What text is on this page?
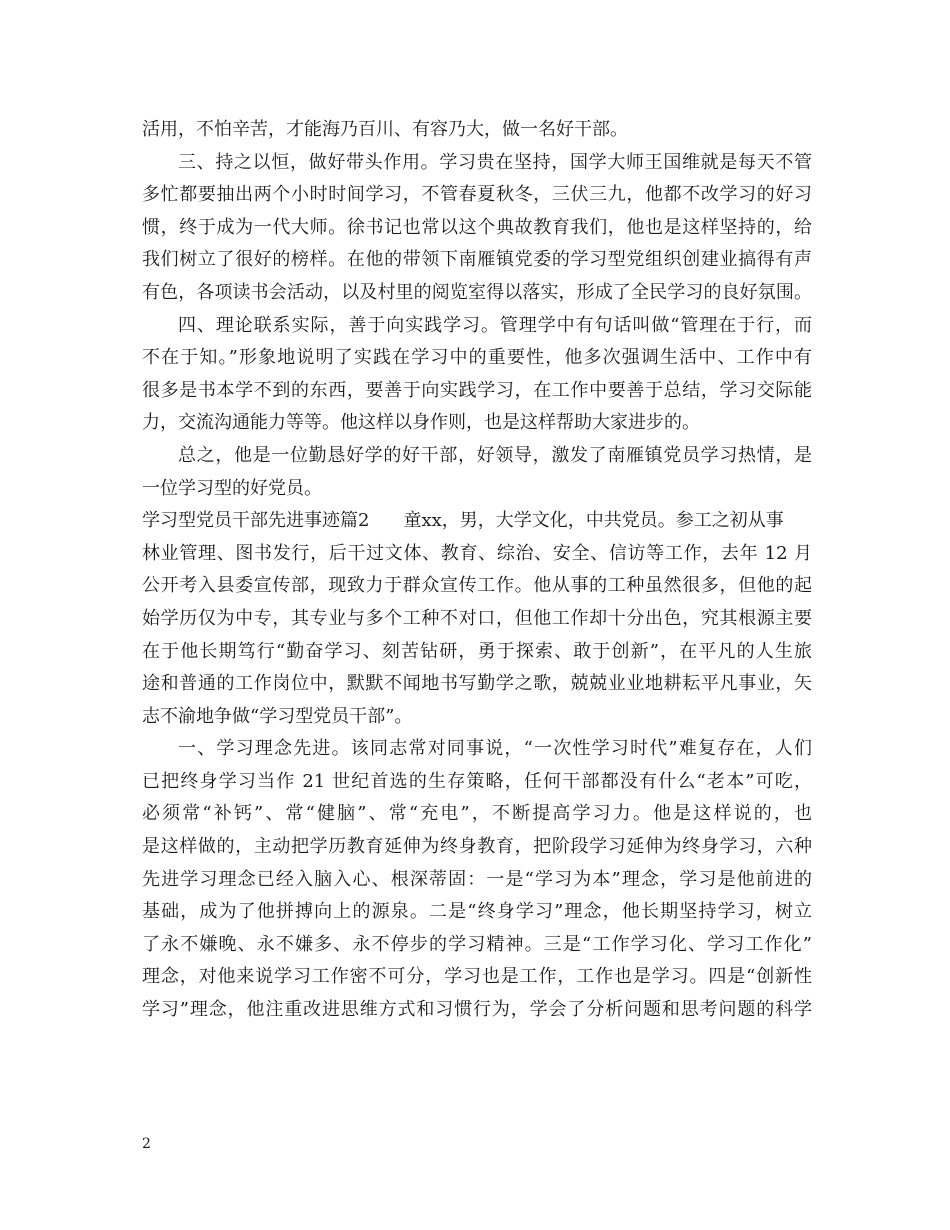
活用，不怕辛苦，才能海乃百川、有容乃大，做一名好干部。
三、持之以恒，做好带头作用。学习贵在坚持，国学大师王国维就是每天不管
多忙都要抽出两个小时时间学习，不管春夏秋冬，三伏三九，他都不改学习的好习
惯，终于成为一代大师。徐书记也常以这个典故教育我们，他也是这样坚持的，给
我们树立了很好的榜样。在他的带领下南雁镇党委的学习型党组织创建业搞得有声
有色，各项读书会活动，以及村里的阅览室得以落实，形成了全民学习的良好氛围。
四、理论联系实际，善于向实践学习。管理学中有句话叫做“管理在于行，而
不在于知。”形象地说明了实践在学习中的重要性，他多次强调生活中、工作中有
很多是书本学不到的东西，要善于向实践学习，在工作中要善于总结，学习交际能
力，交流沟通能力等等。他这样以身作则，也是这样帮助大家进步的。
总之，他是一位勤恳好学的好干部，好领导，激发了南雁镇党员学习热情，是
一位学习型的好党员。
学习型党员干部先进事迹篇2 童xx，男，大学文化，中共党员。参工之初从事
林业管理、图书发行，后干过文体、教育、综治、安全、信访等工作，去年 12 月
公开考入县委宣传部，现致力于群众宣传工作。他从事的工种虽然很多，但他的起
始学历仅为中专，其专业与多个工种不对口，但他工作却十分出色，究其根源主要
在于他长期笃行“勤奋学习、刻苦钻研，勇于探索、敢于创新”，在平凡的人生旅
途和普通的工作岗位中，默默不闻地书写勤学之歌，兢兢业业地耕耘平凡事业，矢
志不渝地争做“学习型党员干部”。
一、学习理念先进。该同志常对同事说，“一次性学习时代”难复存在，人们
已把终身学习当作 21 世纪首选的生存策略，任何干部都没有什么“老本”可吃，
必须常“补钙”、常“健脑”、常“充电”，不断提高学习力。他是这样说的，也
是这样做的，主动把学历教育延伸为终身教育，把阶段学习延伸为终身学习，六种
先进学习理念已经入脑入心、根深蒂固：一是“学习为本”理念，学习是他前进的
基础，成为了他拼搏向上的源泉。二是“终身学习”理念，他长期坚持学习，树立
了永不嫌晚、永不嫌多、永不停步的学习精神。三是“工作学习化、学习工作化”
理念，对他来说学习工作密不可分，学习也是工作，工作也是学习。四是“创新性
学习”理念，他注重改进思维方式和习惯行为，学会了分析问题和思考问题的科学
2
